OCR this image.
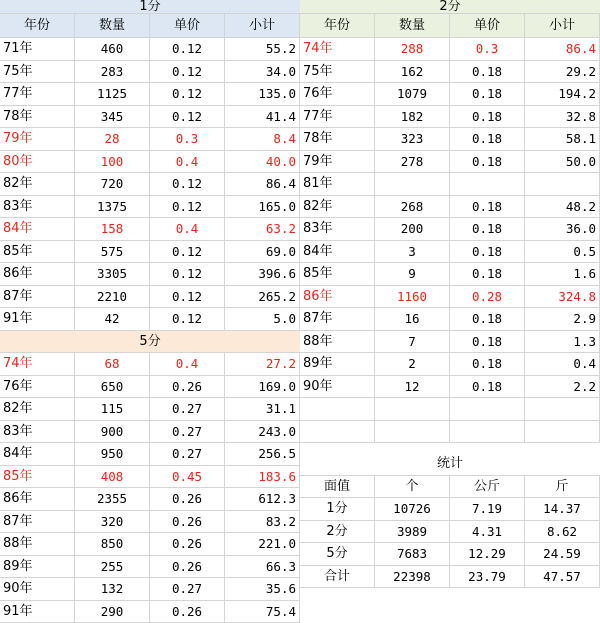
1分
年份	数量	单价	小计
71年	460	0.12	55.2
75年	283	0.12	34.0
77年	1125	0.12	135.0
78年	345	0.12	41.4
79年	28	0.3	8.4
80年	100	0.4	40.0
82年	720	0.12	86.4
83年	1375	0.12	165.0
84年	158	0.4	63.2
85年	575	0.12	69.0
86年	3305	0.12	396.6
87年	2210	0.12	265.2
91年	42	0.12	5.0
5分
74年	68	0.4	27.2
76年	650	0.26	169.0
82年	115	0.27	31.1
83年	900	0.27	243.0
84年	950	0.27	256.5
85年	408	0.45	183.6
86年	2355	0.26	612.3
87年	320	0.26	83.2
88年	850	0.26	221.0
89年	255	0.26	66.3
90年	132	0.27	35.6
91年	290	0.26	75.4
2分
年份	数量	单价	小计
74年	288	0.3	86.4
75年	162	0.18	29.2
76年	1079	0.18	194.2
77年	182	0.18	32.8
78年	323	0.18	58.1
79年	278	0.18	50.0
81年
82年	268	0.18	48.2
83年	200	0.18	36.0
84年	3	0.18	0.5
85年	9	0.18	1.6
86年	1160	0.28	324.8
87年	16	0.18	2.9
88年	7	0.18	1.3
89年	2	0.18	0.4
90年	12	0.18	2.2
统计
面值	个	公斤	斤
1分	10726	7.19	14.37
2分	3989	4.31	8.62
5分	7683	12.29	24.59
合计	22398	23.79	47.57
